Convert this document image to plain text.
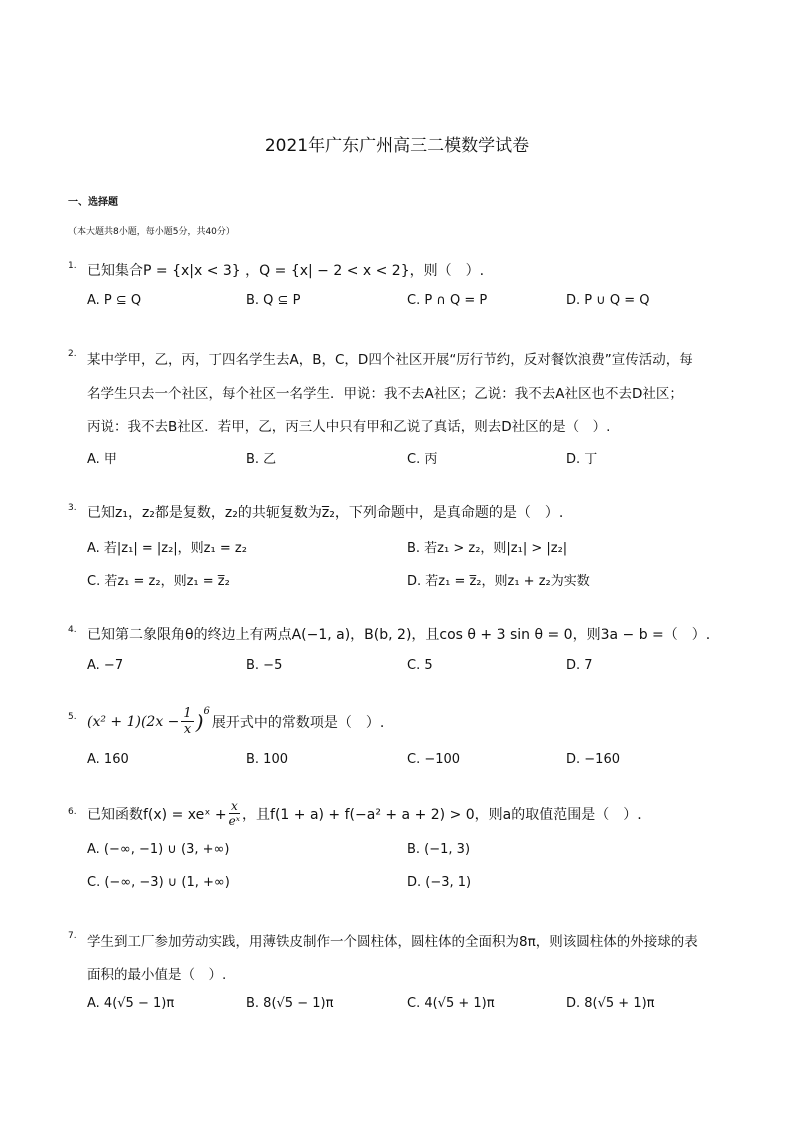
2021年广东广州高三二模数学试卷
一、选择题
（本大题共8小题，每小题5分，共40分）
1. 已知集合P = {x|x < 3} ，Q = {x| − 2 < x < 2}，则（　）.
A. P ⊆ Q	B. Q ⊆ P	C. P ∩ Q = P	D. P ∪ Q = Q
2. 某中学甲，乙，丙，丁四名学生去A，B，C，D四个社区开展“厉行节约，反对餐饮浪费”宣传活动，每
名学生只去一个社区，每个社区一名学生．甲说：我不去A社区；乙说：我不去A社区也不去D社区；
丙说：我不去B社区．若甲，乙，丙三人中只有甲和乙说了真话，则去D社区的是（　）.
A. 甲	B. 乙	C. 丙	D. 丁
3. 已知z₁，z₂都是复数，z₂的共轭复数为z̅₂，下列命题中，是真命题的是（　）.
A. 若|z₁| = |z₂|，则z₁ = z₂	B. 若z₁ > z₂，则|z₁| > |z₂|
C. 若z₁ = z₂，则z₁ = z̅₂	D. 若z₁ = z̅₂，则z₁ + z₂为实数
4. 已知第二象限角θ的终边上有两点A(−1, a)，B(b, 2)，且cos θ + 3 sin θ = 0，则3a − b =（　）.
A. −7	B. −5	C. 5	D. 7
5. $(x^2 + 1)(2x - \frac{1}{x}$ ) 6
展开式中的常数项是（　）.
A. 160	B. 100	C. −100	D. −160
6. 已知函数f(x) = xeˣ + $\frac{x}{\text{eˣ}}$ ，且f(1 + a) + f(−a² + a + 2) > 0，则a的取值范围是（　）.
A. (−∞, −1) ∪ (3, +∞)	B. (−1, 3)
C. (−∞, −3) ∪ (1, +∞)	D. (−3, 1)
7. 学生到工厂参加劳动实践，用薄铁皮制作一个圆柱体，圆柱体的全面积为8π，则该圆柱体的外接球的表
面积的最小值是（　）.
A. 4(√5 − 1)π	B. 8(√5 − 1)π	C. 4(√5 + 1)π	D. 8(√5 + 1)π
